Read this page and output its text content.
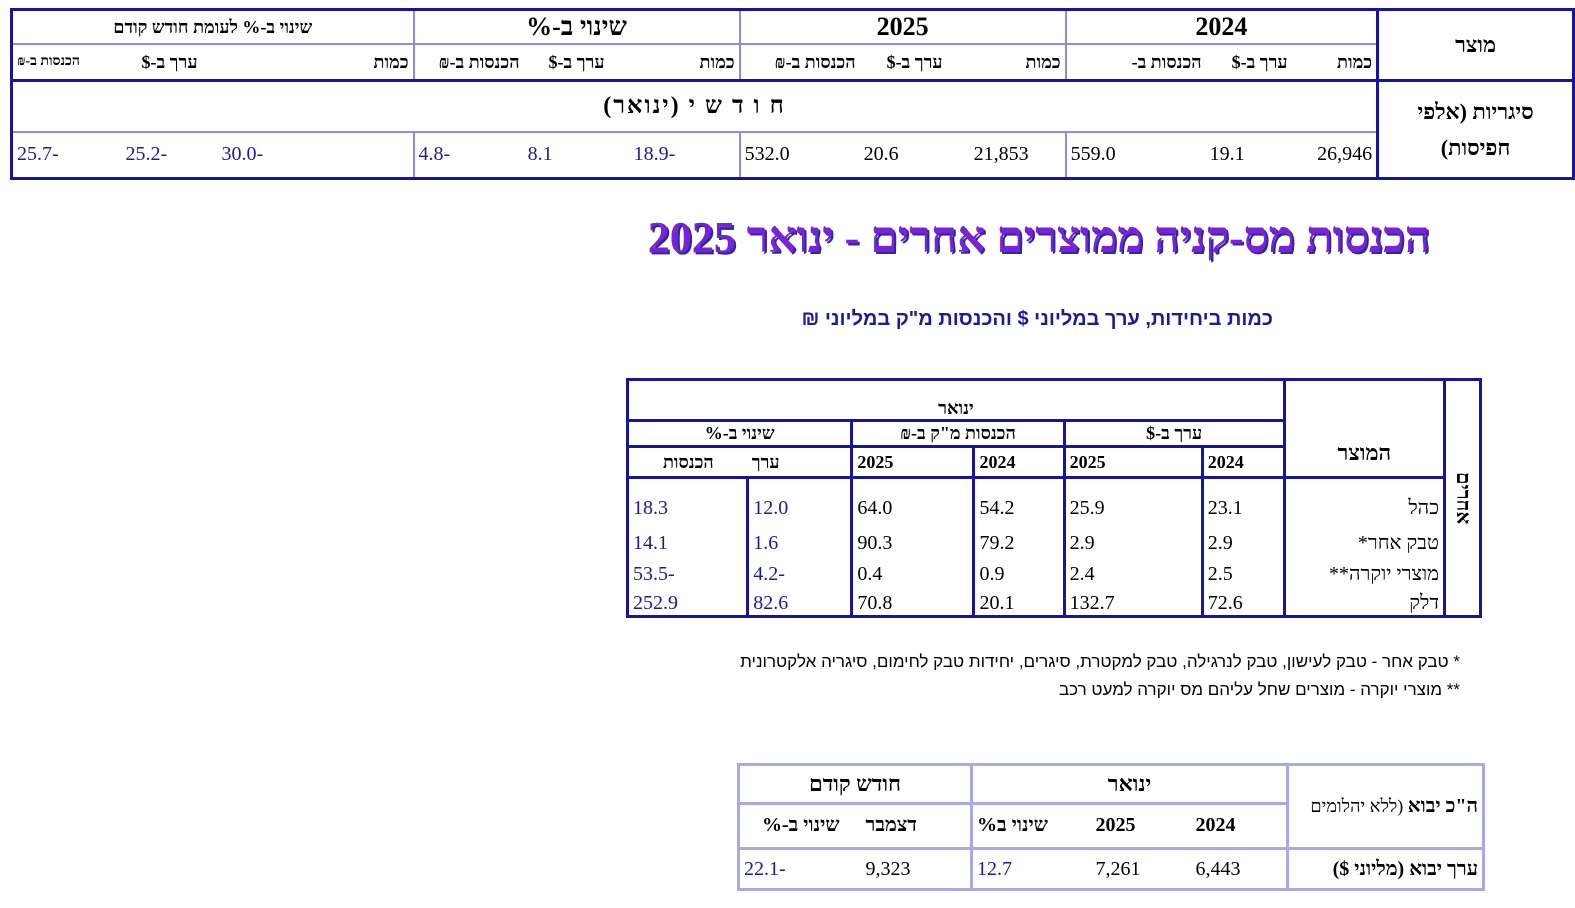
מוצר	2024			2025			שינוי ב-%			שינוי ב-% לעומת חודש קודם		
	כמות	ערך ב-$	הכנסות ב-	כמות	ערך ב-$	הכנסות ב-₪	כמות	ערך ב-$	הכנסות ב-₪	כמות	ערך ב-$	הכנסות ב-₪
סיגריות (אלפי חפיסות)	ח ו ד ש י (ינואר)											
	26,946	19.1	559.0	21,853	20.6	532.0	-18.9	8.1	-4.8	-30.0	-25.2	-25.7
הכנסות מס-קניה ממוצרים אחרים - ינואר 2025
כמות ביחידות, ערך במליוני $ והכנסות מ"ק במליוני ₪
אחרים	המוצר	ינואר					
		ערך ב-$		הכנסות מ"ק ב-₪		שינוי ב-%	
		2024	2025	2024	2025	ערך	הכנסות
	כהל	23.1	25.9	54.2	64.0	12.0	18.3
	טבק אחר*	2.9	2.9	79.2	90.3	1.6	14.1
	מוצרי יוקרה**	2.5	2.4	0.9	0.4	-4.2	-53.5
	דלק	72.6	132.7	20.1	70.8	82.6	252.9
* טבק אחר - טבק לעישון, טבק לנרגילה, טבק למקטרת, סיגרים, יחידות טבק לחימום, סיגריה אלקטרונית
** מוצרי יוקרה - מוצרים שחל עליהם מס יוקרה למעט רכב
ה"כ יבוא (ללא יהלומים	ינואר			חודש קודם	
	2024	2025	שינוי ב%	דצמבר	שינוי ב-%
ערך יבוא (מליוני $)	6,443	7,261	12.7	9,323	-22.1
